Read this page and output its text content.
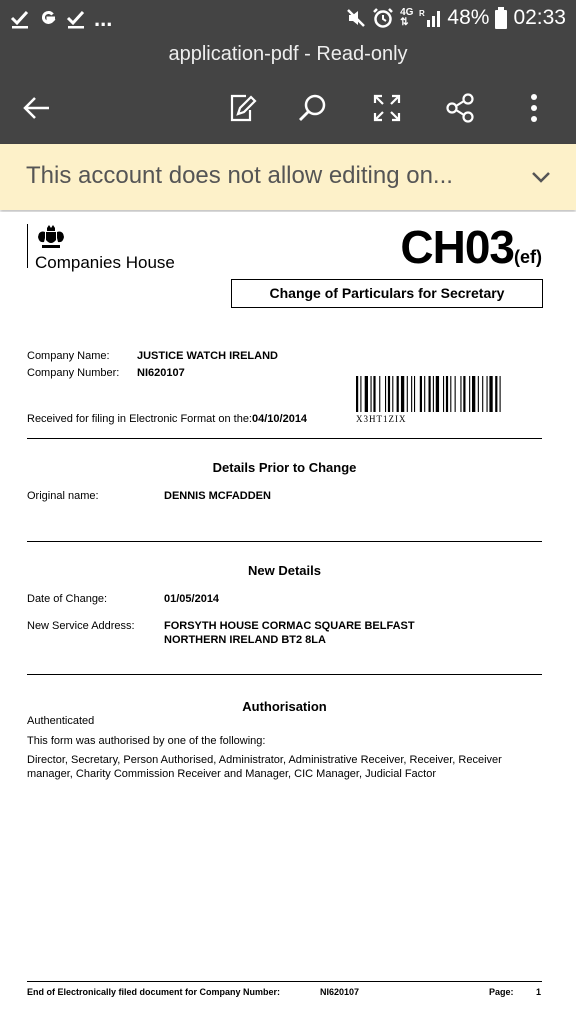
...	4G
⇅
R 48% 02:33
application-pdf - Read-only
This account does not allow editing on...
Companies House	CH03(ef)
Change of Particulars for Secretary
Company Name: JUSTICE WATCH IRELAND
Company Number: NI620107
X3HT1ZIX
Received for filing in Electronic Format on the:04/10/2014
Details Prior to Change
Original name:	DENNIS MCFADDEN
New Details
Date of Change:	01/05/2014
New Service Address:	FORSYTH HOUSE CORMAC SQUARE BELFAST
NORTHERN IRELAND BT2 8LA
Authorisation
Authenticated
This form was authorised by one of the following:
Director, Secretary, Person Authorised, Administrator, Administrative Receiver, Receiver, Receiver
manager, Charity Commission Receiver and Manager, CIC Manager, Judicial Factor
End of Electronically filed document for Company Number:	NI620107	Page: 1
